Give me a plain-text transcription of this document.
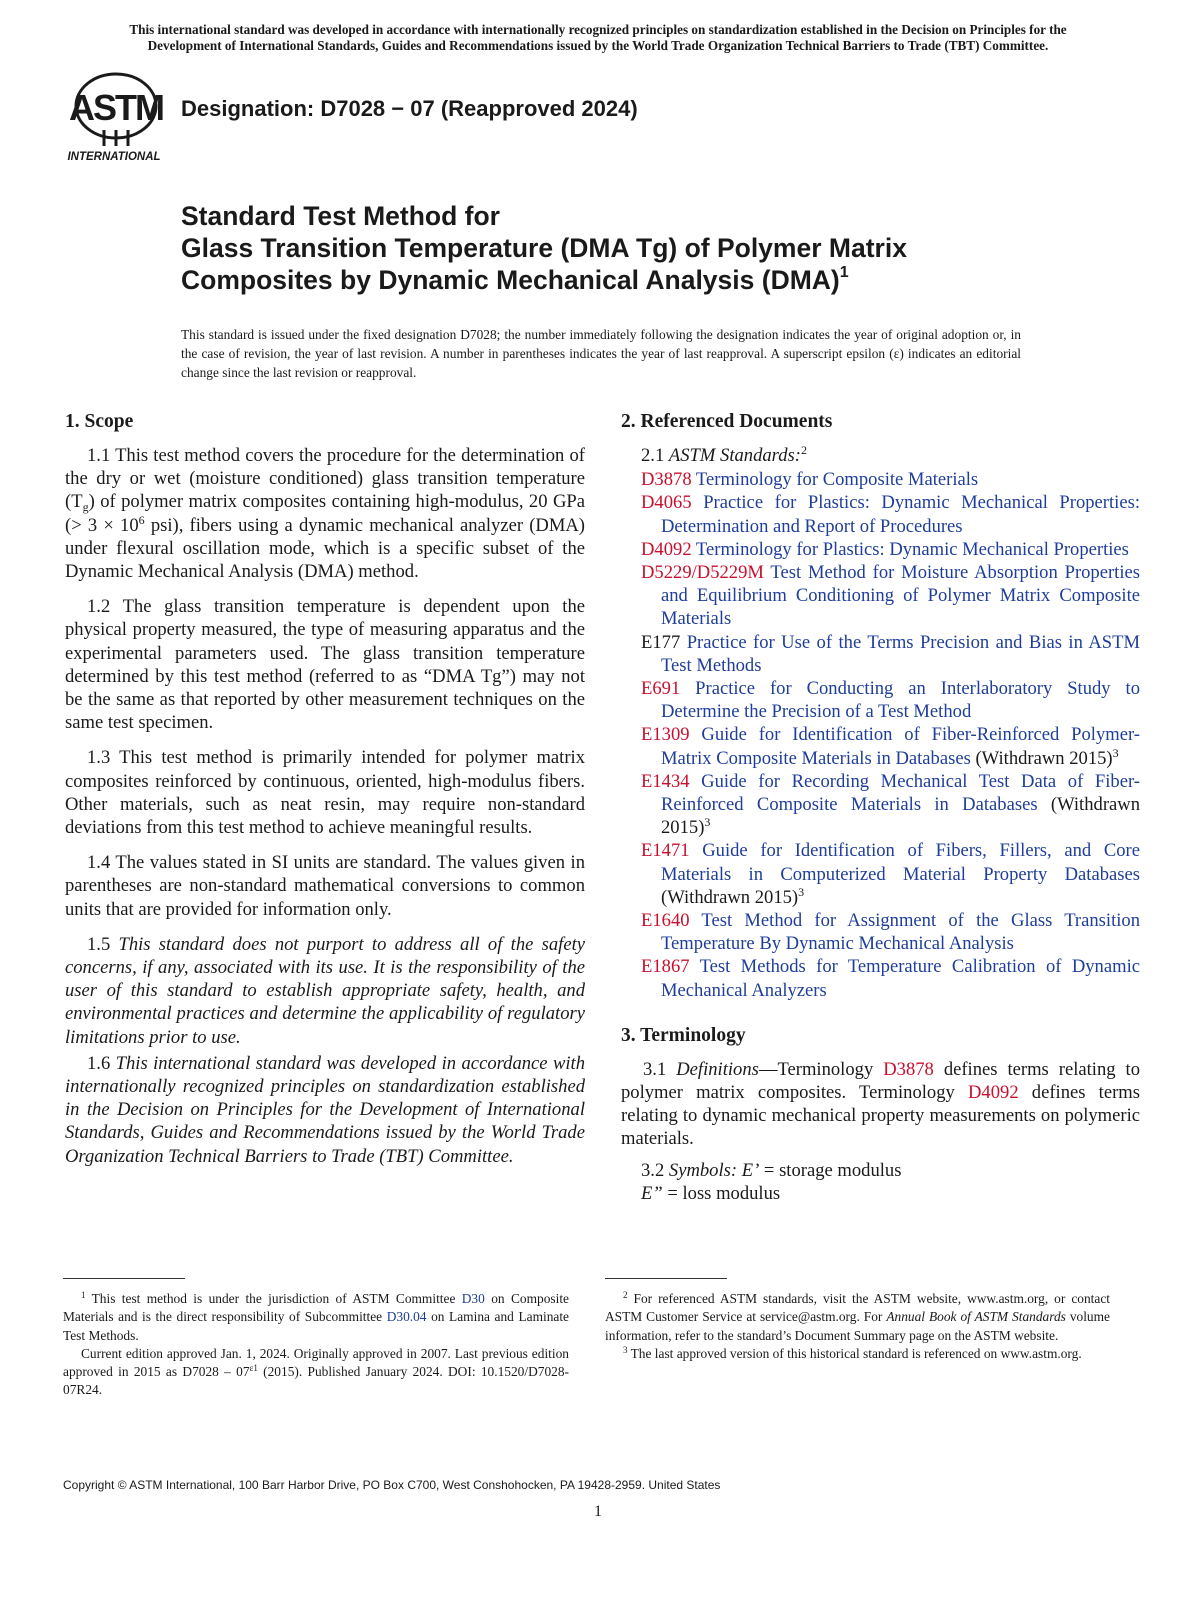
This international standard was developed in accordance with internationally recognized principles on standardization established in the Decision on Principles for the
Development of International Standards, Guides and Recommendations issued by the World Trade Organization Technical Barriers to Trade (TBT) Committee.
ASTM
INTERNATIONAL
Designation: D7028 − 07 (Reapproved 2024)
Standard Test Method for
Glass Transition Temperature (DMA Tg) of Polymer Matrix
Composites by Dynamic Mechanical Analysis (DMA)$^1$
This standard is issued under the fixed designation D7028; the number immediately following the designation indicates the year of original adoption or, in the case of revision, the year of last revision. A number in parentheses indicates the year of last reapproval. A superscript epsilon (ε) indicates an editorial change since the last revision or reapproval.
1. Scope

1.1 This test method covers the procedure for the determination of the dry or wet (moisture conditioned) glass transition temperature $(T_g)$ of polymer matrix composites containing high-modulus, 20 GPa (> $3 \times 10^6$ psi), fibers using a dynamic mechanical analyzer (DMA) under flexural oscillation mode, which is a specific subset of the Dynamic Mechanical Analysis (DMA) method.

1.2 The glass transition temperature is dependent upon the physical property measured, the type of measuring apparatus and the experimental parameters used. The glass transition temperature determined by this test method (referred to as “DMA Tg”) may not be the same as that reported by other measurement techniques on the same test specimen.

1.3 This test method is primarily intended for polymer matrix composites reinforced by continuous, oriented, high-modulus fibers. Other materials, such as neat resin, may require non-standard deviations from this test method to achieve meaningful results.

1.4 The values stated in SI units are standard. The values given in parentheses are non-standard mathematical conversions to common units that are provided for information only.

1.5 This standard does not purport to address all of the safety concerns, if any, associated with its use. It is the responsibility of the user of this standard to establish appropriate safety, health, and environmental practices and determine the applicability of regulatory limitations prior to use.

1.6 This international standard was developed in accordance with internationally recognized principles on standardization established in the Decision on Principles for the Development of International Standards, Guides and Recommendations issued by the World Trade Organization Technical Barriers to Trade (TBT) Committee.

2. Referenced Documents
2.1 ASTM Standards:$^2$
D3878 Terminology for Composite Materials
D4065 Practice for Plastics: Dynamic Mechanical Properties: Determination and Report of Procedures
D4092 Terminology for Plastics: Dynamic Mechanical Properties
D5229/D5229M Test Method for Moisture Absorption Properties and Equilibrium Conditioning of Polymer Matrix Composite Materials
E177 Practice for Use of the Terms Precision and Bias in ASTM Test Methods
E691 Practice for Conducting an Interlaboratory Study to Determine the Precision of a Test Method
E1309 Guide for Identification of Fiber-Reinforced Polymer-Matrix Composite Materials in Databases (Withdrawn 2015)$^3$
E1434 Guide for Recording Mechanical Test Data of Fiber-Reinforced Composite Materials in Databases (Withdrawn 2015)$^3$
E1471 Guide for Identification of Fibers, Fillers, and Core Materials in Computerized Material Property Databases (Withdrawn 2015)$^3$
E1640 Test Method for Assignment of the Glass Transition Temperature By Dynamic Mechanical Analysis
E1867 Test Methods for Temperature Calibration of Dynamic Mechanical Analyzers
3. Terminology

3.1 Definitions—Terminology D3878 defines terms relating to polymer matrix composites. Terminology D4092 defines terms relating to dynamic mechanical property measurements on polymeric materials.

3.2 Symbols: E’ = storage modulus
E” = loss modulus

$^1$ This test method is under the jurisdiction of ASTM Committee D30 on Composite Materials and is the direct responsibility of Subcommittee D30.04 on Lamina and Laminate Test Methods.

Current edition approved Jan. 1, 2024. Originally approved in 2007. Last previous edition approved in 2015 as $D7028 - 07^{\varepsilon 1}$ (2015). Published January 2024. DOI: 10.1520/D7028-07R24.

$^2$ For referenced ASTM standards, visit the ASTM website, www.astm.org, or contact ASTM Customer Service at service@astm.org. For Annual Book of ASTM Standards volume information, refer to the standard’s Document Summary page on the ASTM website.

$^3$ The last approved version of this historical standard is referenced on www.astm.org.

Copyright © ASTM International, 100 Barr Harbor Drive, PO Box C700, West Conshohocken, PA 19428-2959. United States
1
